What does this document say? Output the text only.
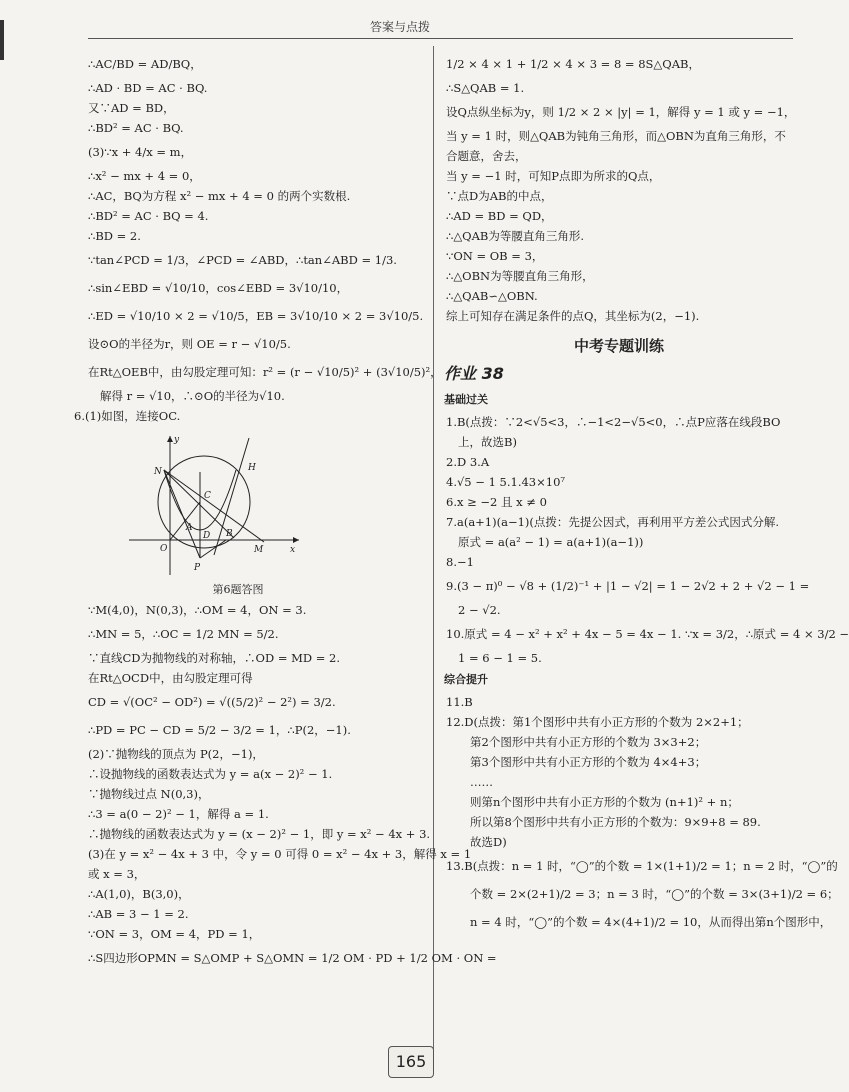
答案与点拨
∴AC/BD = AD/BQ，
∴AD · BD = AC · BQ.
又∵AD = BD，
∴BD² = AC · BQ.
(3)∵x + 4/x = m，
∴x² − mx + 4 = 0，
∴AC，BQ为方程 x² − mx + 4 = 0 的两个实数根.
∴BD² = AC · BQ = 4.
∴BD = 2.
∵tan∠PCD = 1/3，∠PCD = ∠ABD，∴tan∠ABD = 1/3.
∴sin∠EBD = √10/10，cos∠EBD = 3√10/10，
∴ED = √10/10 × 2 = √10/5，EB = 3√10/10 × 2 = 3√10/5.
设⊙O的半径为r，则 OE = r − √10/5.
在Rt△OEB中，由勾股定理可知：r² = (r − √10/5)² + (3√10/5)²，
解得 r = √10，∴⊙O的半径为√10.
6.(1)如图，连接OC.
y
N	H
C
A
D B
M
O
P
x
第6题答图
∵M(4,0)，N(0,3)，∴OM = 4，ON = 3.
∴MN = 5，∴OC = 1/2 MN = 5/2.
∵直线CD为抛物线的对称轴，∴OD = MD = 2.
在Rt△OCD中，由勾股定理可得
CD = √(OC² − OD²) = √((5/2)² − 2²) = 3/2.
∴PD = PC − CD = 5/2 − 3/2 = 1，∴P(2，−1).
(2)∵抛物线的顶点为 P(2，−1)，
∴设抛物线的函数表达式为 y = a(x − 2)² − 1.
∵抛物线过点 N(0,3)，
∴3 = a(0 − 2)² − 1，解得 a = 1.
∴抛物线的函数表达式为 y = (x − 2)² − 1，即 y = x² − 4x + 3.
(3)在 y = x² − 4x + 3 中，令 y = 0 可得 0 = x² − 4x + 3，解得 x = 1
或 x = 3，
∴A(1,0)，B(3,0)，
∴AB = 3 − 1 = 2.
∵ON = 3，OM = 4，PD = 1，
∴S四边形OPMN = S△OMP + S△OMN = 1/2 OM · PD + 1/2 OM · ON =
1/2 × 4 × 1 + 1/2 × 4 × 3 = 8 = 8S△QAB，
∴S△QAB = 1.
设Q点纵坐标为y，则 1/2 × 2 × |y| = 1，解得 y = 1 或 y = −1，
当 y = 1 时，则△QAB为钝角三角形，而△OBN为直角三角形，不
合题意，舍去，
当 y = −1 时，可知P点即为所求的Q点，
∵点D为AB的中点，
∴AD = BD = QD，
∴△QAB为等腰直角三角形.
∵ON = OB = 3，
∴△OBN为等腰直角三角形，
∴△QAB∽△OBN.
综上可知存在满足条件的点Q，其坐标为(2，−1).
中考专题训练
作业 38
基础过关
1.B(点拨：∵2<√5<3，∴−1<2−√5<0，∴点P应落在线段BO
上，故选B)
2.D 3.A
4.√5 − 1 5.1.43×10⁷
6.x ≥ −2 且 x ≠ 0
7.a(a+1)(a−1)(点拨：先提公因式，再利用平方差公式因式分解.
原式 = a(a² − 1) = a(a+1)(a−1))
8.−1
9.(3 − π)⁰ − √8 + (1/2)⁻¹ + |1 − √2| = 1 − 2√2 + 2 + √2 − 1 =
2 − √2.
10.原式 = 4 − x² + x² + 4x − 5 = 4x − 1. ∵x = 3/2，∴原式 = 4 × 3/2 −
1 = 6 − 1 = 5.
综合提升
11.B
12.D(点拨：第1个图形中共有小正方形的个数为 2×2+1；
第2个图形中共有小正方形的个数为 3×3+2；
第3个图形中共有小正方形的个数为 4×4+3；
……
则第n个图形中共有小正方形的个数为 (n+1)² + n；
所以第8个图形中共有小正方形的个数为：9×9+8 = 89.
故选D)
13.B(点拨：n = 1 时，“◯”的个数 = 1×(1+1)/2 = 1；n = 2 时，“◯”的
个数 = 2×(2+1)/2 = 3；n = 3 时，“◯”的个数 = 3×(3+1)/2 = 6；
n = 4 时，“◯”的个数 = 4×(4+1)/2 = 10，从而得出第n个图形中，
165
